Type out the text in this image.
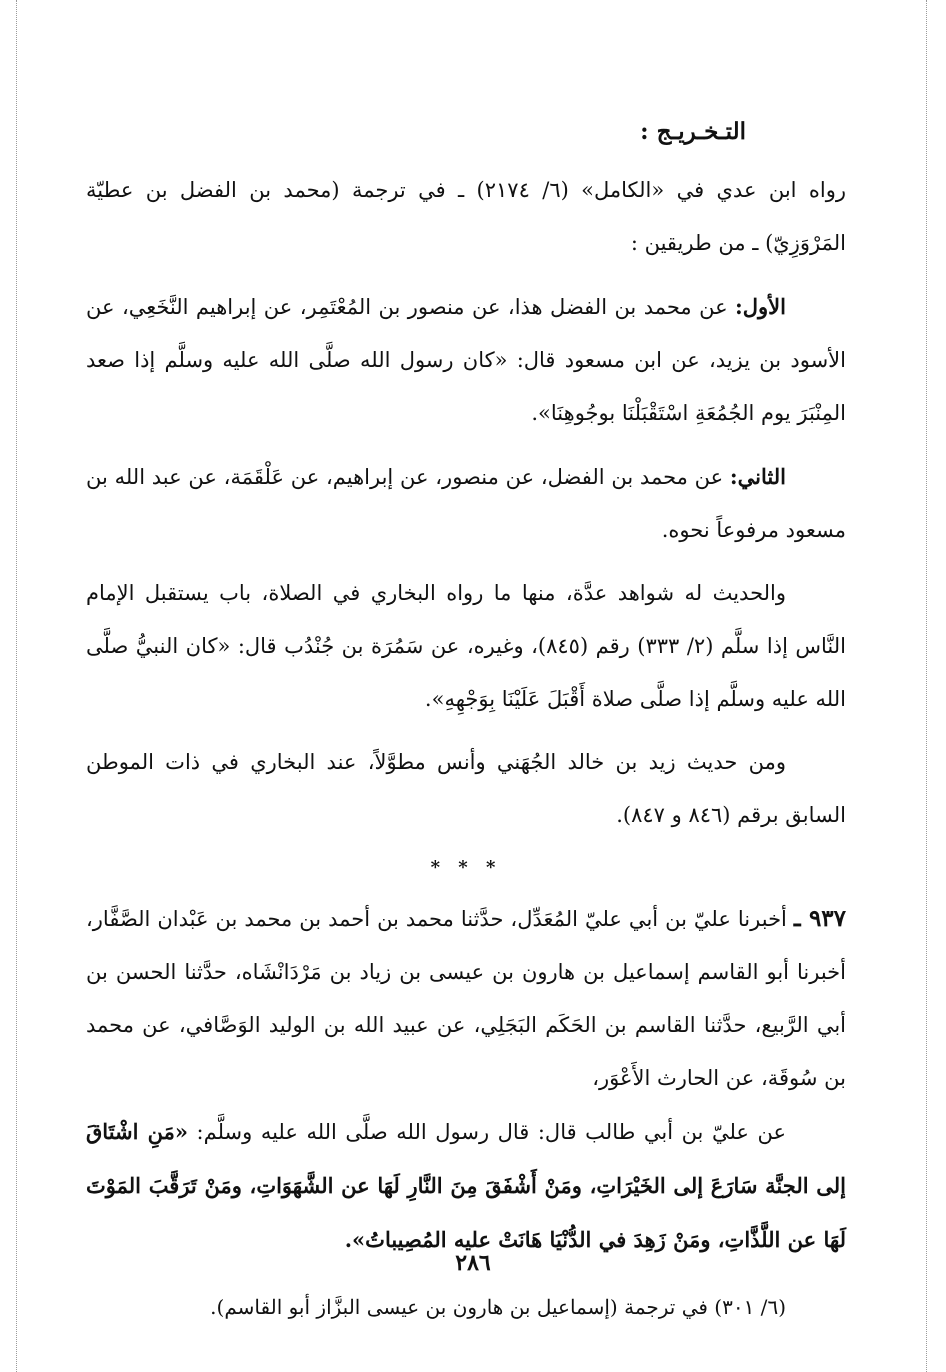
التـخـريـج :

رواه ابن عدي في «الكامل» (٦/ ٢١٧٤) ـ في ترجمة (محمد بن الفضل بن عطيّة المَرْوَزِيّ) ـ من طريقين :

الأول: عن محمد بن الفضل هذا، عن منصور بن المُعْتَمِر، عن إبراهيم النَّخَعِي، عن الأسود بن يزيد، عن ابن مسعود قال: «كان رسول الله صلَّى الله عليه وسلَّم إذا صعد المِنْبَرَ يوم الجُمُعَةِ اسْتَقْبَلْنَا بوجُوهِنَا».

الثاني: عن محمد بن الفضل، عن منصور، عن إبراهيم، عن عَلْقَمَة، عن عبد الله بن مسعود مرفوعاً نحوه.

والحديث له شواهد عدَّة، منها ما رواه البخاري في الصلاة، باب يستقبل الإمام النَّاس إذا سلَّم (٢/ ٣٣٣) رقم (٨٤٥)، وغيره، عن سَمُرَة بن جُنْدُب قال: «كان النبيُّ صلَّى الله عليه وسلَّم إذا صلَّى صلاة أَقْبَلَ عَلَيْنَا بِوَجْهِهِ».

ومن حديث زيد بن خالد الجُهَني وأنس مطوَّلاً، عند البخاري في ذات الموطن السابق برقم (٨٤٦ و ٨٤٧).

* * *

٩٣٧ ـ أخبرنا عليّ بن أبي عليّ المُعَدِّل، حدَّثنا محمد بن أحمد بن محمد بن عَبْدان الصَّفَّار، أخبرنا أبو القاسم إسماعيل بن هارون بن عيسى بن زياد بن مَرْدَانْشَاه، حدَّثنا الحسن بن أبي الرَّبيع، حدَّثنا القاسم بن الحَكَم البَجَلِي، عن عبيد الله بن الوليد الوَصَّافي، عن محمد بن سُوقَة، عن الحارث الأَعْوَر،

عن عليّ بن أبي طالب قال: قال رسول الله صلَّى الله عليه وسلَّم: «مَنِ اشْتَاقَ إلى الجنَّة سَارَعَ إلى الخَيْرَاتِ، ومَنْ أَشْفَقَ مِنَ النَّارِ لَهَا عن الشَّهَوَاتِ، ومَنْ تَرَقَّبَ المَوْتَ لَهَا عن اللَّذَّاتِ، ومَنْ زَهِدَ في الدُّنْيَا هَانَتْ عليه المُصِيباتُ».

(٦/ ٣٠١) في ترجمة (إسماعيل بن هارون بن عيسى البزَّاز أبو القاسم).

٢٨٦
